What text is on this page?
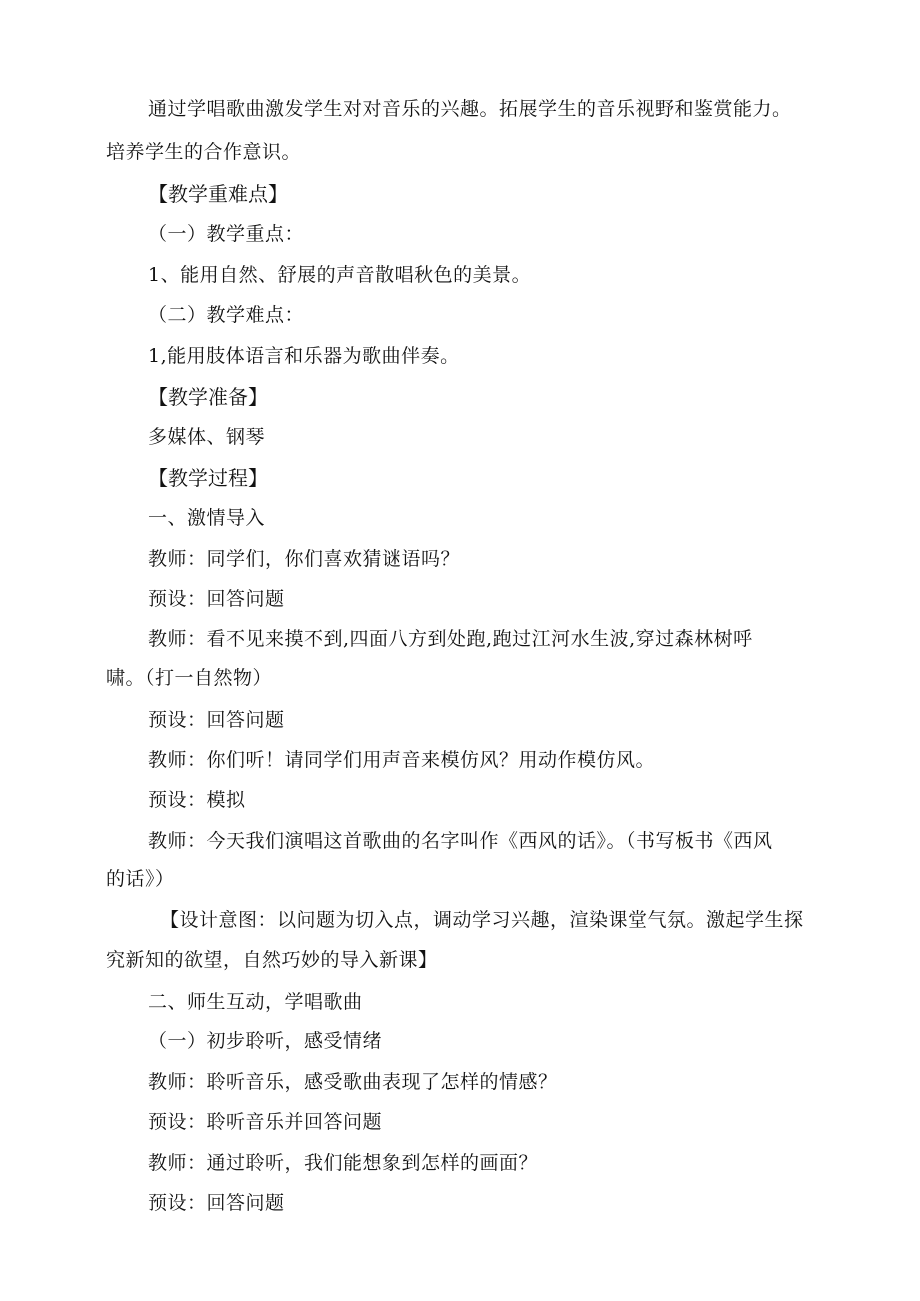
通过学唱歌曲激发学生对对音乐的兴趣。拓展学生的音乐视野和鉴赏能力。
培养学生的合作意识。
【教学重难点】
（一）教学重点：
1、能用自然、舒展的声音散唱秋色的美景。
（二）教学难点：
1,能用肢体语言和乐器为歌曲伴奏。
【教学准备】
多媒体、钢琴
【教学过程】
一、激情导入
教师：同学们，你们喜欢猜谜语吗？
预设：回答问题
教师：看不见来摸不到,四面八方到处跑,跑过江河水生波,穿过森林树呼
啸。（打一自然物）
预设：回答问题
教师：你们听！请同学们用声音来模仿风？用动作模仿风。
预设：模拟
教师：今天我们演唱这首歌曲的名字叫作《西风的话》。（书写板书《西风
的话》）
【设计意图：以问题为切入点，调动学习兴趣，渲染课堂气氛。激起学生探
究新知的欲望，自然巧妙的导入新课】
二、师生互动，学唱歌曲
（一）初步聆听，感受情绪
教师：聆听音乐，感受歌曲表现了怎样的情感？
预设：聆听音乐并回答问题
教师：通过聆听，我们能想象到怎样的画面？
预设：回答问题
